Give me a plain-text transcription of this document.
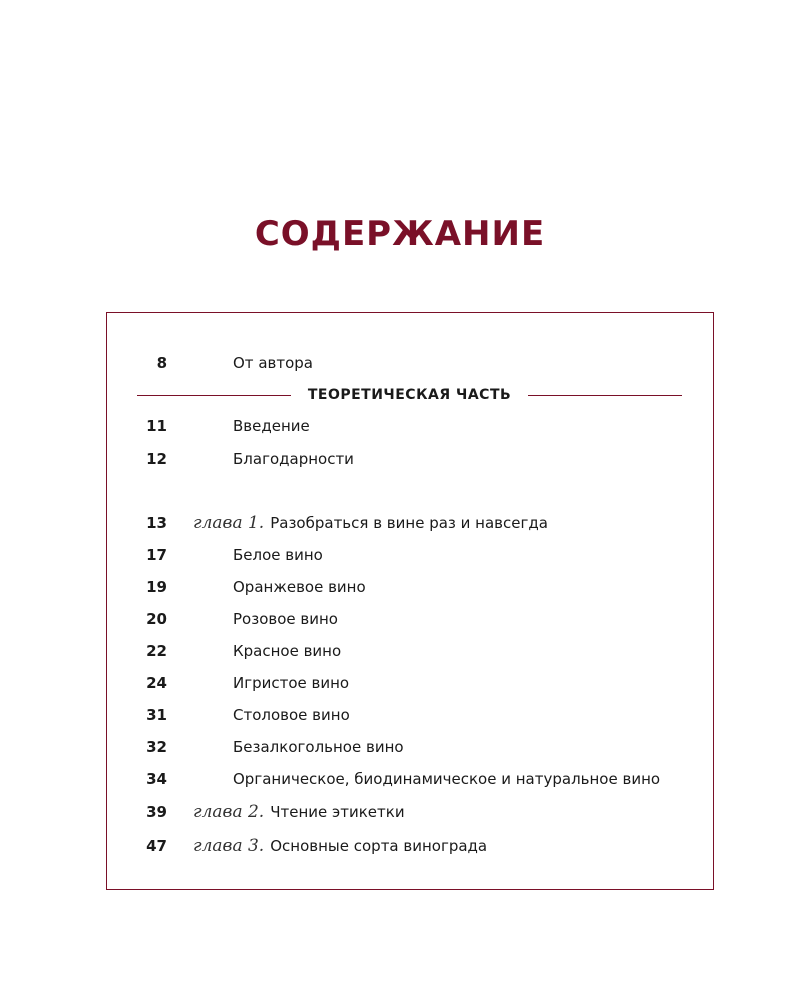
СОДЕРЖАНИЕ
8	От автора
ТЕОРЕТИЧЕСКАЯ ЧАСТЬ
11	Введение
12	Благодарности
13 глава 1. Разобраться в вине раз и навсегда
17	Белое вино
19	Оранжевое вино
20	Розовое вино
22	Красное вино
24	Игристое вино
31	Столовое вино
32	Безалкогольное вино
34	Органическое, биодинамическое и натуральное вино
39 глава 2. Чтение этикетки
47 глава 3. Основные сорта винограда
